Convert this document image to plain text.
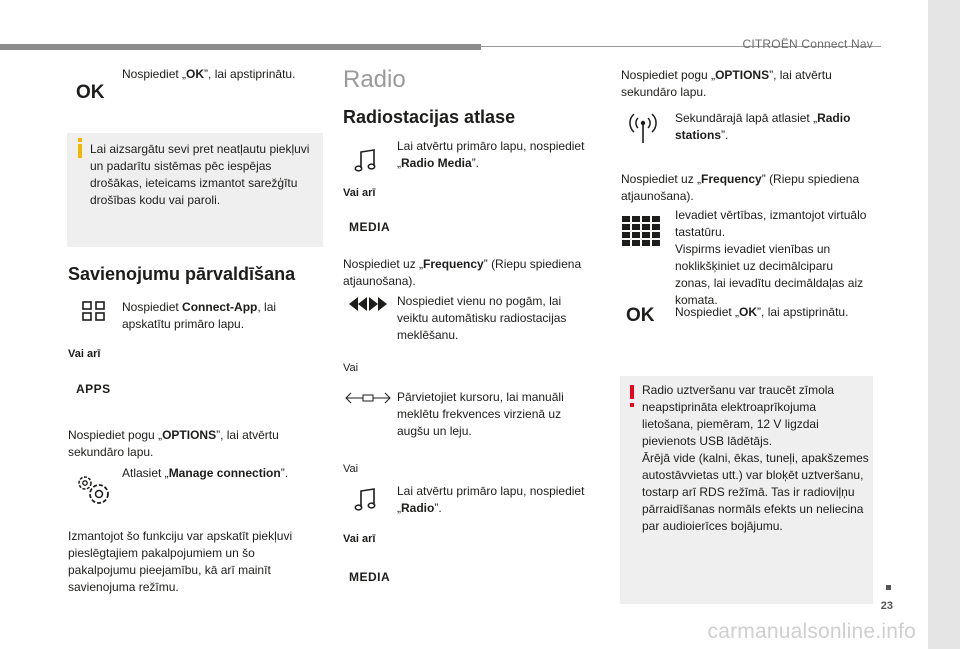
CITROËN Connect Nav
OK
Nospiediet „OK”, lai apstiprinātu.
Lai aizsargātu sevi pret neatļautu piekļuvi un padarītu sistēmas pēc iespējas drošākas, ieteicams izmantot sarežģītu drošības kodu vai paroli.
Savienojumu pārvaldīšana
Nospiediet Connect-App, lai apskatītu primāro lapu.
Vai arī
APPS
Nospiediet pogu „OPTIONS”, lai atvērtu sekundāro lapu.
Atlasiet „Manage connection”.
Izmantojot šo funkciju var apskatīt piekļuvi pieslēgtajiem pakalpojumiem un šo pakalpojumu pieejamību, kā arī mainīt savienojuma režīmu.
Radio
Radiostacijas atlase
Lai atvērtu primāro lapu, nospiediet „Radio Media”.
Vai arī
MEDIA
Nospiediet uz „Frequency” (Riepu spiediena atjaunošana).
Nospiediet vienu no pogām, lai veiktu automātisku radiostacijas meklēšanu.
Vai
Pārvietojiet kursoru, lai manuāli meklētu frekvences virzienā uz augšu un leju.
Vai
Lai atvērtu primāro lapu, nospiediet „Radio”.
Vai arī
MEDIA
Nospiediet pogu „OPTIONS”, lai atvērtu sekundāro lapu.
Sekundārajā lapā atlasiet „Radio stations”.
Nospiediet uz „Frequency” (Riepu spiediena atjaunošana).
Ievadiet vērtības, izmantojot virtuālo tastatūru.
Vispirms ievadiet vienības un noklikšķiniet uz decimālciparu zonas, lai ievadītu decimāldaļas aiz komata.
OK Nospiediet „OK”, lai apstiprinātu.
Radio uztveršanu var traucēt zīmola neapstiprināta elektroaprīkojuma lietošana, piemēram, 12 V ligzdai pievienots USB lādētājs.
Ārējā vide (kalni, ēkas, tuneļi, apakšzemes autostāvvietas utt.) var bloķēt uztveršanu, tostarp arī RDS režīmā. Tas ir radioviļņu pārraidīšanas normāls efekts un neliecina par audioierīces bojājumu.
23
carmanualsonline.info
